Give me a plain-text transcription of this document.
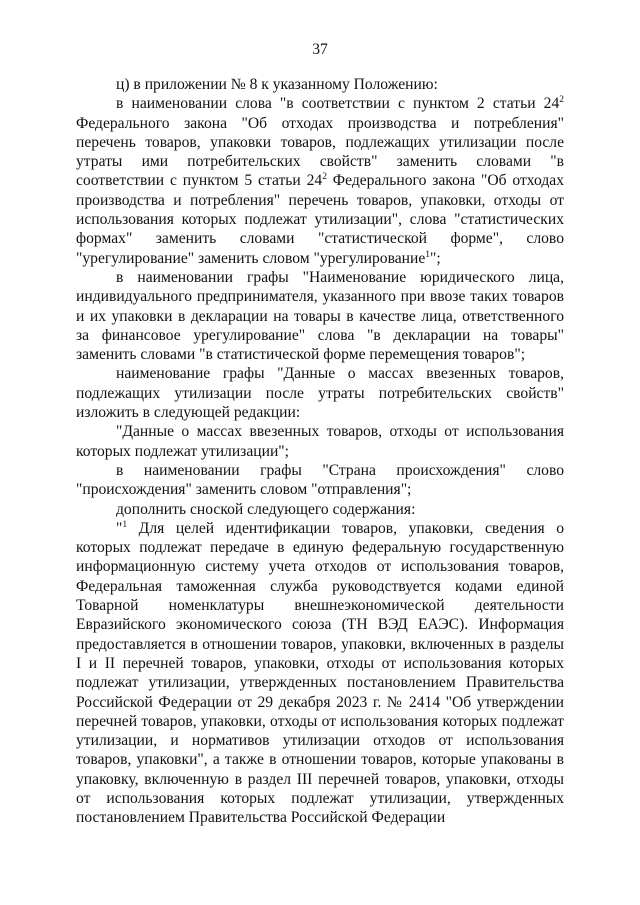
37

ц) в приложении № 8 к указанному Положению:

в наименовании слова "в соответствии с пунктом 2 статьи $24^2$ Федерального закона "Об отходах производства и потребления" перечень товаров, упаковки товаров, подлежащих утилизации после утраты ими потребительских свойств" заменить словами "в соответствии с пунктом 5 статьи $24^2$ Федерального закона "Об отходах производства и потребления" перечень товаров, упаковки, отходы от использования которых подлежат утилизации", слова "статистических формах" заменить словами "статистической форме", слово "урегулирование" заменить словом "урегулирование$^1$";

в наименовании графы "Наименование юридического лица, индивидуального предпринимателя, указанного при ввозе таких товаров и их упаковки в декларации на товары в качестве лица, ответственного за финансовое урегулирование" слова "в декларации на товары" заменить словами "в статистической форме перемещения товаров";

наименование графы "Данные о массах ввезенных товаров, подлежащих утилизации после утраты потребительских свойств" изложить в следующей редакции:

"Данные о массах ввезенных товаров, отходы от использования которых подлежат утилизации";

в наименовании графы "Страна происхождения" слово "происхождения" заменить словом "отправления";

дополнить сноской следующего содержания:

"$^1$ Для целей идентификации товаров, упаковки, сведения о которых подлежат передаче в единую федеральную государственную информационную систему учета отходов от использования товаров, Федеральная таможенная служба руководствуется кодами единой Товарной номенклатуры внешнеэкономической деятельности Евразийского экономического союза (ТН ВЭД ЕАЭС). Информация предоставляется в отношении товаров, упаковки, включенных в разделы I и II перечней товаров, упаковки, отходы от использования которых подлежат утилизации, утвержденных постановлением Правительства Российской Федерации от 29 декабря 2023 г. № 2414 "Об утверждении перечней товаров, упаковки, отходы от использования которых подлежат утилизации, и нормативов утилизации отходов от использования товаров, упаковки", а также в отношении товаров, которые упакованы в упаковку, включенную в раздел III перечней товаров, упаковки, отходы от использования которых подлежат утилизации, утвержденных постановлением Правительства Российской Федерации
